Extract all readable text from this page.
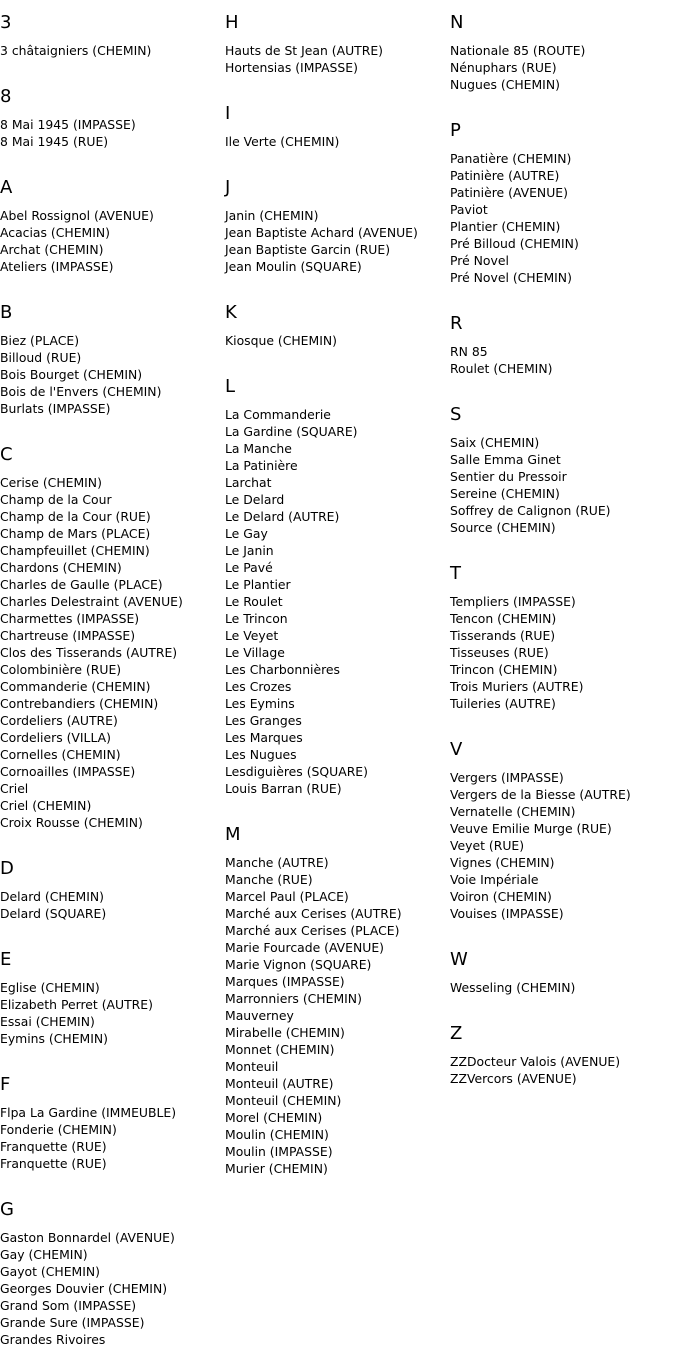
3
3 châtaigniers (CHEMIN)
8
8 Mai 1945 (IMPASSE)
8 Mai 1945 (RUE)
A
Abel Rossignol (AVENUE)
Acacias (CHEMIN)
Archat (CHEMIN)
Ateliers (IMPASSE)
B
Biez (PLACE)
Billoud (RUE)
Bois Bourget (CHEMIN)
Bois de l'Envers (CHEMIN)
Burlats (IMPASSE)
C
Cerise (CHEMIN)
Champ de la Cour
Champ de la Cour (RUE)
Champ de Mars (PLACE)
Champfeuillet (CHEMIN)
Chardons (CHEMIN)
Charles de Gaulle (PLACE)
Charles Delestraint (AVENUE)
Charmettes (IMPASSE)
Chartreuse (IMPASSE)
Clos des Tisserands (AUTRE)
Colombinière (RUE)
Commanderie (CHEMIN)
Contrebandiers (CHEMIN)
Cordeliers (AUTRE)
Cordeliers (VILLA)
Cornelles (CHEMIN)
Cornoailles (IMPASSE)
Criel
Criel (CHEMIN)
Croix Rousse (CHEMIN)
D
Delard (CHEMIN)
Delard (SQUARE)
E
Eglise (CHEMIN)
Elizabeth Perret (AUTRE)
Essai (CHEMIN)
Eymins (CHEMIN)
F
Flpa La Gardine (IMMEUBLE)
Fonderie (CHEMIN)
Franquette (RUE)
Franquette (RUE)
G
Gaston Bonnardel (AVENUE)
Gay (CHEMIN)
Gayot (CHEMIN)
Georges Douvier (CHEMIN)
Grand Som (IMPASSE)
Grande Sure (IMPASSE)
Grandes Rivoires
H
Hauts de St Jean (AUTRE)
Hortensias (IMPASSE)
I
Ile Verte (CHEMIN)
J
Janin (CHEMIN)
Jean Baptiste Achard (AVENUE)
Jean Baptiste Garcin (RUE)
Jean Moulin (SQUARE)
K
Kiosque (CHEMIN)
L
La Commanderie
La Gardine (SQUARE)
La Manche
La Patinière
Larchat
Le Delard
Le Delard (AUTRE)
Le Gay
Le Janin
Le Pavé
Le Plantier
Le Roulet
Le Trincon
Le Veyet
Le Village
Les Charbonnières
Les Crozes
Les Eymins
Les Granges
Les Marques
Les Nugues
Lesdiguières (SQUARE)
Louis Barran (RUE)
M
Manche (AUTRE)
Manche (RUE)
Marcel Paul (PLACE)
Marché aux Cerises (AUTRE)
Marché aux Cerises (PLACE)
Marie Fourcade (AVENUE)
Marie Vignon (SQUARE)
Marques (IMPASSE)
Marronniers (CHEMIN)
Mauverney
Mirabelle (CHEMIN)
Monnet (CHEMIN)
Monteuil
Monteuil (AUTRE)
Monteuil (CHEMIN)
Morel (CHEMIN)
Moulin (CHEMIN)
Moulin (IMPASSE)
Murier (CHEMIN)
N
Nationale 85 (ROUTE)
Nénuphars (RUE)
Nugues (CHEMIN)
P
Panatière (CHEMIN)
Patinière (AUTRE)
Patinière (AVENUE)
Paviot
Plantier (CHEMIN)
Pré Billoud (CHEMIN)
Pré Novel
Pré Novel (CHEMIN)
R
RN 85
Roulet (CHEMIN)
S
Saix (CHEMIN)
Salle Emma Ginet
Sentier du Pressoir
Sereine (CHEMIN)
Soffrey de Calignon (RUE)
Source (CHEMIN)
T
Templiers (IMPASSE)
Tencon (CHEMIN)
Tisserands (RUE)
Tisseuses (RUE)
Trincon (CHEMIN)
Trois Muriers (AUTRE)
Tuileries (AUTRE)
V
Vergers (IMPASSE)
Vergers de la Biesse (AUTRE)
Vernatelle (CHEMIN)
Veuve Emilie Murge (RUE)
Veyet (RUE)
Vignes (CHEMIN)
Voie Impériale
Voiron (CHEMIN)
Vouises (IMPASSE)
W
Wesseling (CHEMIN)
Z
ZZDocteur Valois (AVENUE)
ZZVercors (AVENUE)
